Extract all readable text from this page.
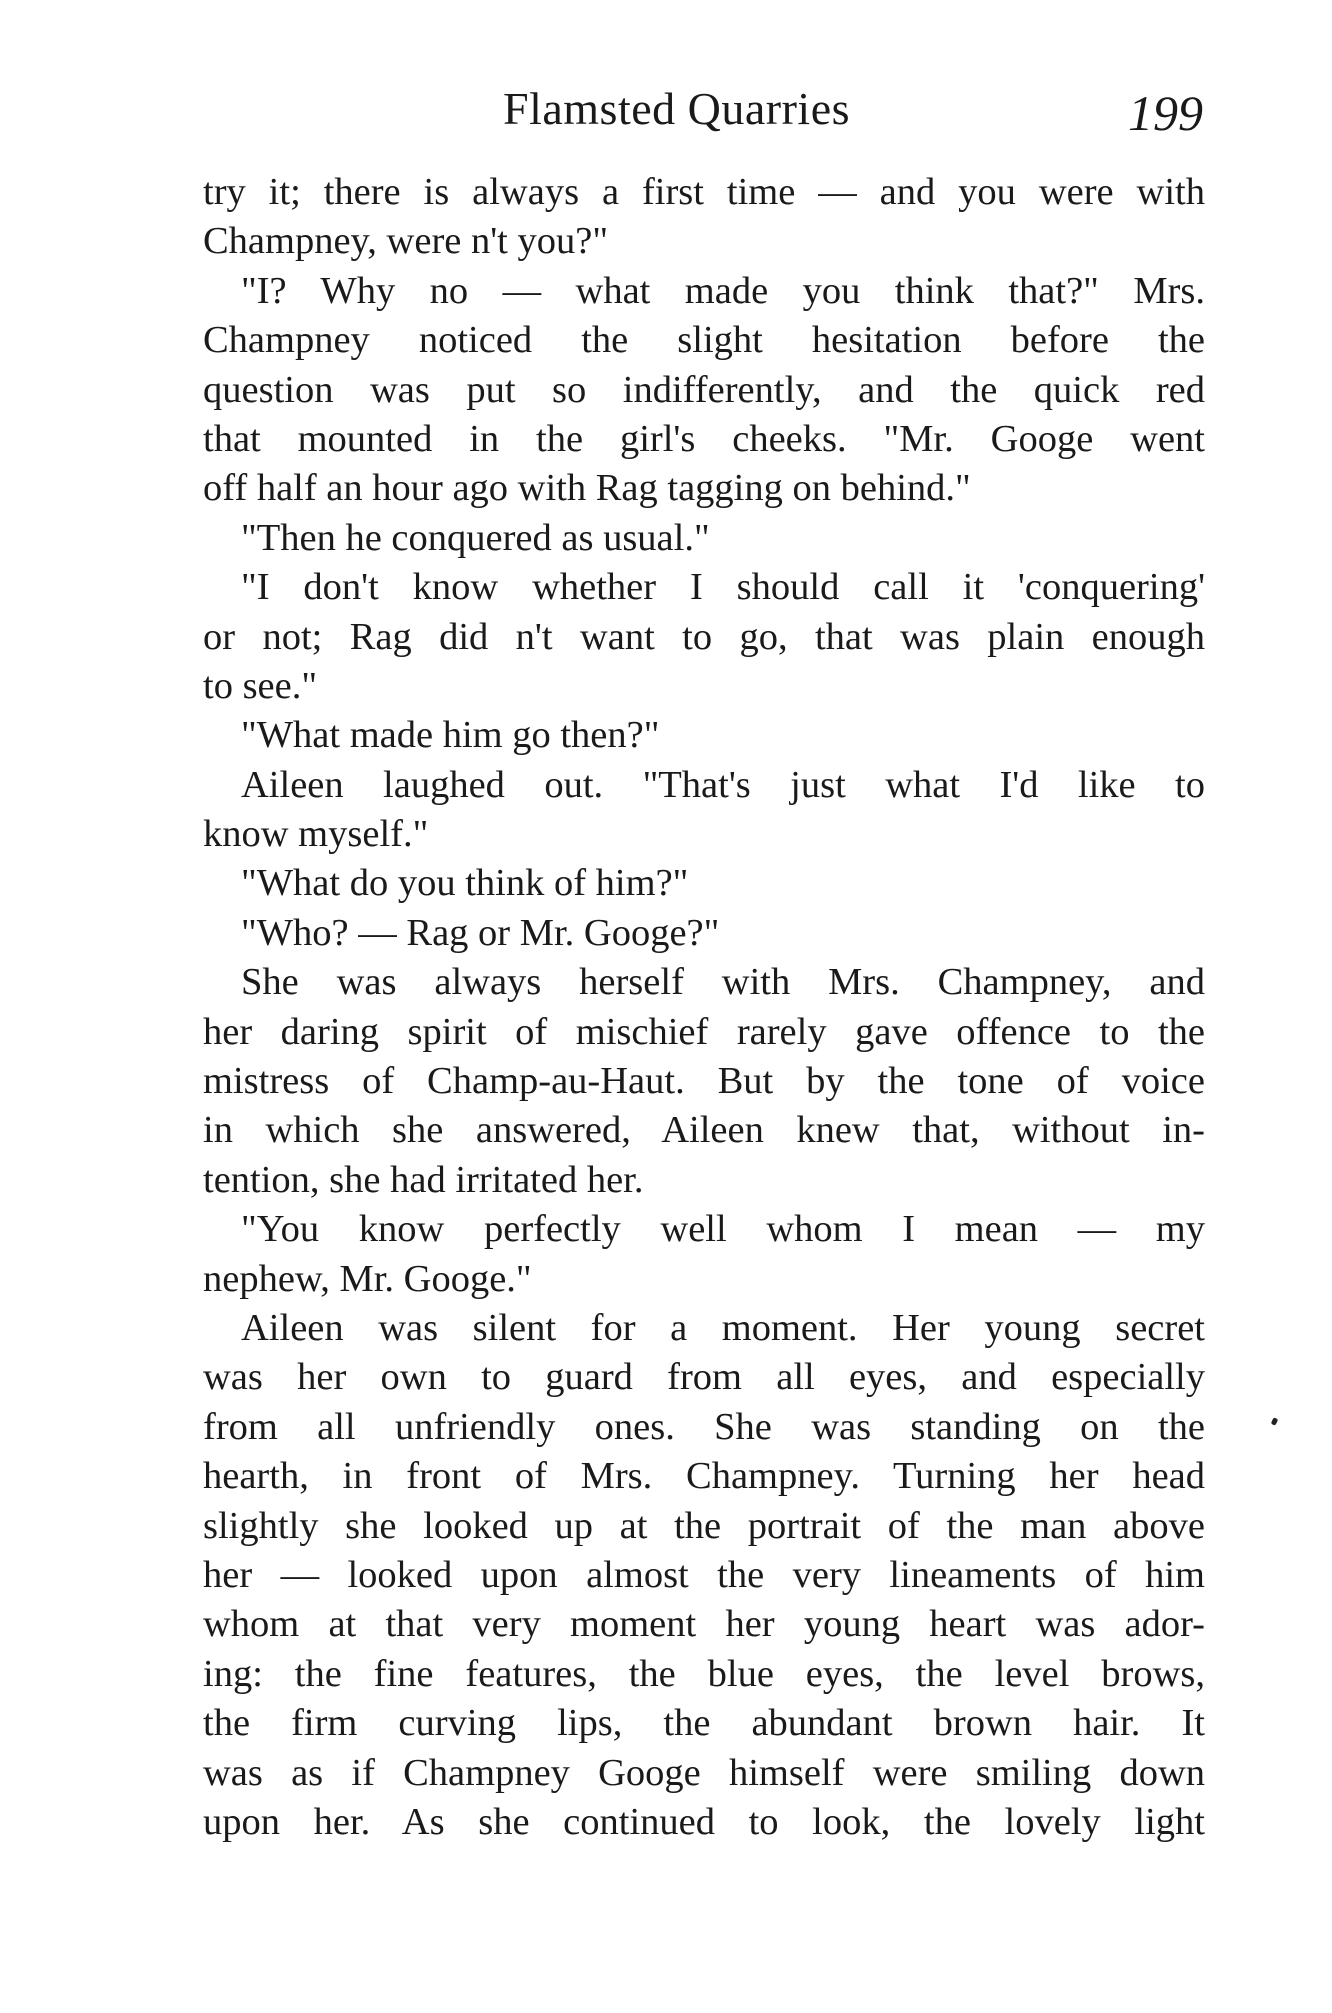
Flamsted Quarries	199
try it; there is always a first time — and you were with
Champney, were n't you?"
"I? Why no — what made you think that?" Mrs.
Champney noticed the slight hesitation before the
question was put so indifferently, and the quick red
that mounted in the girl's cheeks. "Mr. Googe went
off half an hour ago with Rag tagging on behind."
"Then he conquered as usual."
"I don't know whether I should call it 'conquering'
or not; Rag did n't want to go, that was plain enough
to see."
"What made him go then?"
Aileen laughed out. "That's just what I'd like to
know myself."
"What do you think of him?"
"Who? — Rag or Mr. Googe?"
She was always herself with Mrs. Champney, and
her daring spirit of mischief rarely gave offence to the
mistress of Champ-au-Haut. But by the tone of voice
in which she answered, Aileen knew that, without in-
tention, she had irritated her.
"You know perfectly well whom I mean — my
nephew, Mr. Googe."
Aileen was silent for a moment. Her young secret
was her own to guard from all eyes, and especially
from all unfriendly ones. She was standing on the
hearth, in front of Mrs. Champney. Turning her head
slightly she looked up at the portrait of the man above
her — looked upon almost the very lineaments of him
whom at that very moment her young heart was ador-
ing: the fine features, the blue eyes, the level brows,
the firm curving lips, the abundant brown hair. It
was as if Champney Googe himself were smiling down
upon her. As she continued to look, the lovely light
